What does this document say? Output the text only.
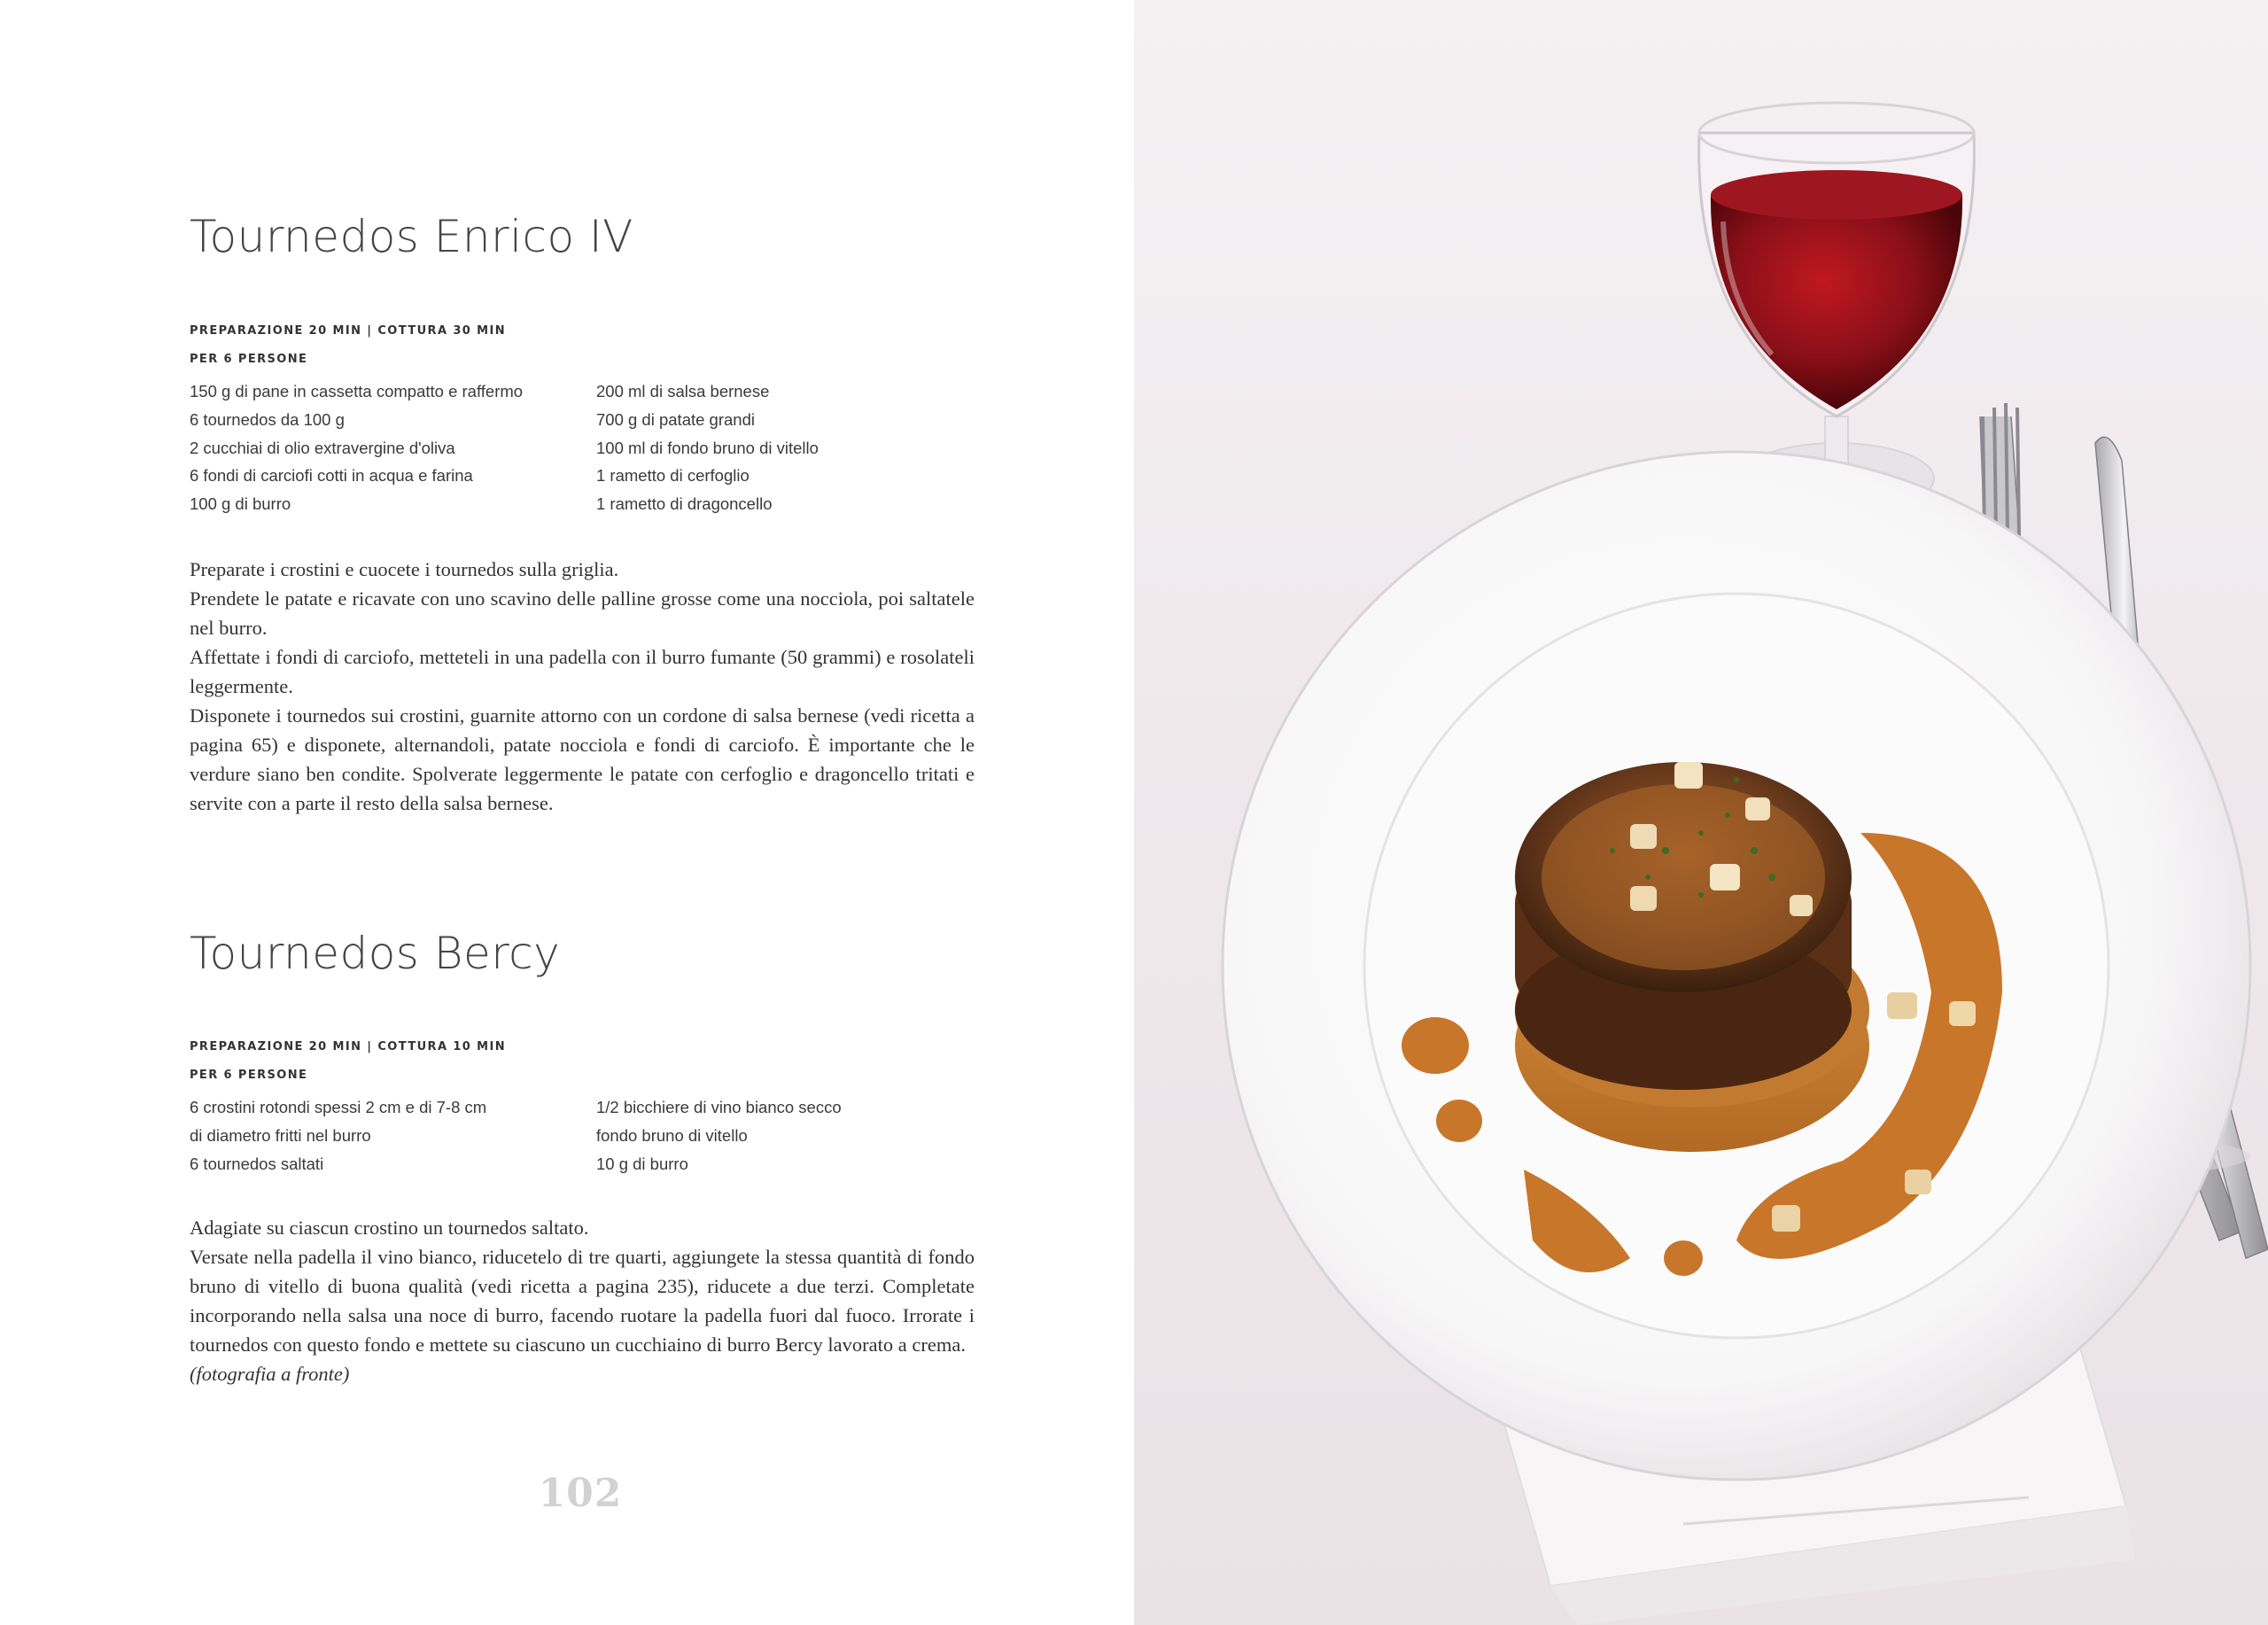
Tournedos Enrico IV
PREPARAZIONE 20 MIN | COTTURA 30 MIN
PER 6 PERSONE
150 g di pane in cassetta compatto e raffermo
6 tournedos da 100 g
2 cucchiai di olio extravergine d'oliva
6 fondi di carciofi cotti in acqua e farina
100 g di burro
200 ml di salsa bernese
700 g di patate grandi
100 ml di fondo bruno di vitello
1 rametto di cerfoglio
1 rametto di dragoncello

Preparate i crostini e cuocete i tournedos sulla griglia.

Prendete le patate e ricavate con uno scavino delle palline grosse come una nocciola, poi saltatele nel burro.

Affettate i fondi di carciofo, metteteli in una padella con il burro fumante (50 grammi) e rosolateli leggermente.

Disponete i tournedos sui crostini, guarnite attorno con un cordone di salsa bernese (vedi ricetta a pagina 65) e disponete, alternandoli, patate nocciola e fondi di carciofo. È importante che le verdure siano ben condite. Spolverate leggermente le patate con cerfoglio e dragoncello tritati e servite con a parte il resto della salsa bernese.

Tournedos Bercy
PREPARAZIONE 20 MIN | COTTURA 10 MIN
PER 6 PERSONE
6 crostini rotondi spessi 2 cm e di 7-8 cm
di diametro fritti nel burro
6 tournedos saltati
1/2 bicchiere di vino bianco secco
fondo bruno di vitello
10 g di burro

Adagiate su ciascun crostino un tournedos saltato.

Versate nella padella il vino bianco, riducetelo di tre quarti, aggiungete la stessa quantità di fondo bruno di vitello di buona qualità (vedi ricetta a pagina 235), riducete a due terzi. Completate incorporando nella salsa una noce di burro, facendo ruotare la padella fuori dal fuoco. Irrorate i tournedos con questo fondo e mettete su ciascuno un cucchiaino di burro Bercy lavorato a crema.

(fotografia a fronte)

102
